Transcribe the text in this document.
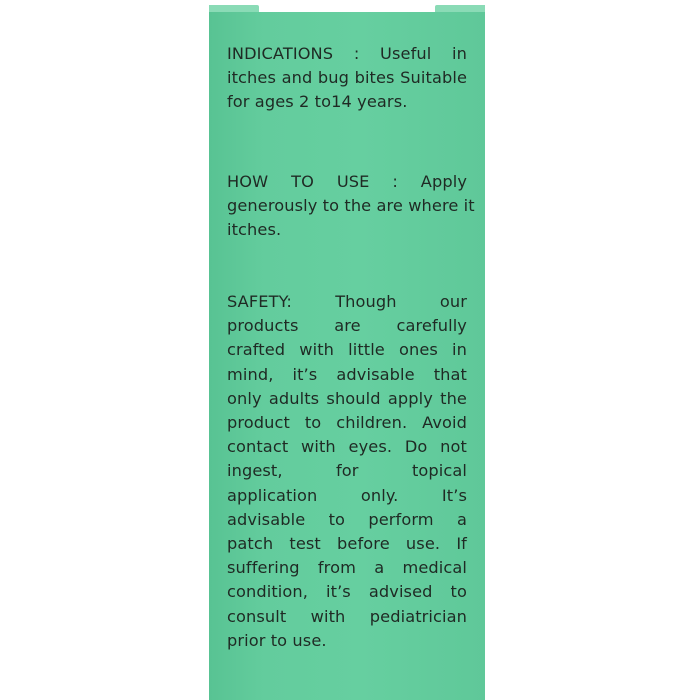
INDICATIONS : Useful in
itches and bug bites Suitable
for ages 2 to14 years.
HOW TO USE : Apply
generously to the are where it
itches.
SAFETY: Though our
products are carefully
crafted with little ones in
mind, it’s advisable that
only adults should apply the
product to children. Avoid
contact with eyes. Do not
ingest, for topical
application only. It’s
advisable to perform a
patch test before use. If
suffering from a medical
condition, it’s advised to
consult with pediatrician
prior to use.
